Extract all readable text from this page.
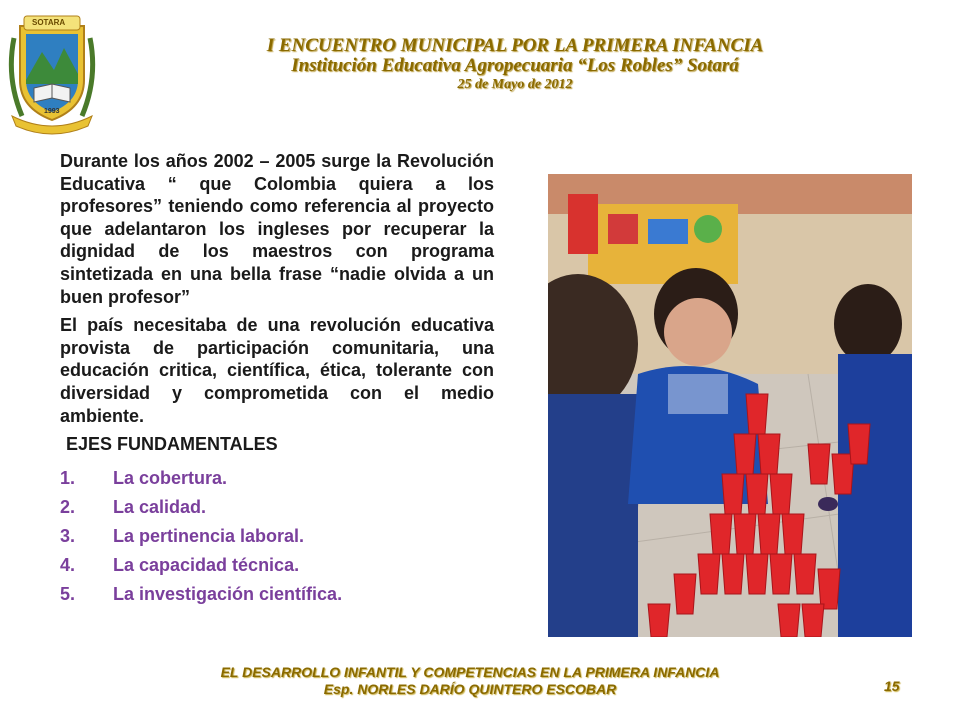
SOTARA
1993
I ENCUENTRO MUNICIPAL POR LA PRIMERA INFANCIA
Institución Educativa Agropecuaria “Los Robles” Sotará
25 de Mayo de 2012

Durante los años 2002 – 2005 surge la Revolución Educativa “ que Colombia quiera a los profesores” teniendo como referencia al proyecto que adelantaron los ingleses por recuperar la dignidad de los maestros con programa sintetizada en una bella frase “nadie olvida a un buen profesor”

El país necesitaba de una revolución educativa provista de participación comunitaria, una educación critica, científica, ética, tolerante con diversidad y comprometida con el medio ambiente.

EJES FUNDAMENTALES
1.	La cobertura.
2.	La calidad.
3.	La pertinencia laboral.
4.	La capacidad técnica.
5.	La investigación científica.
EL DESARROLLO INFANTIL Y COMPETENCIAS EN LA PRIMERA INFANCIA
Esp. NORLES DARÍO QUINTERO ESCOBAR	15
